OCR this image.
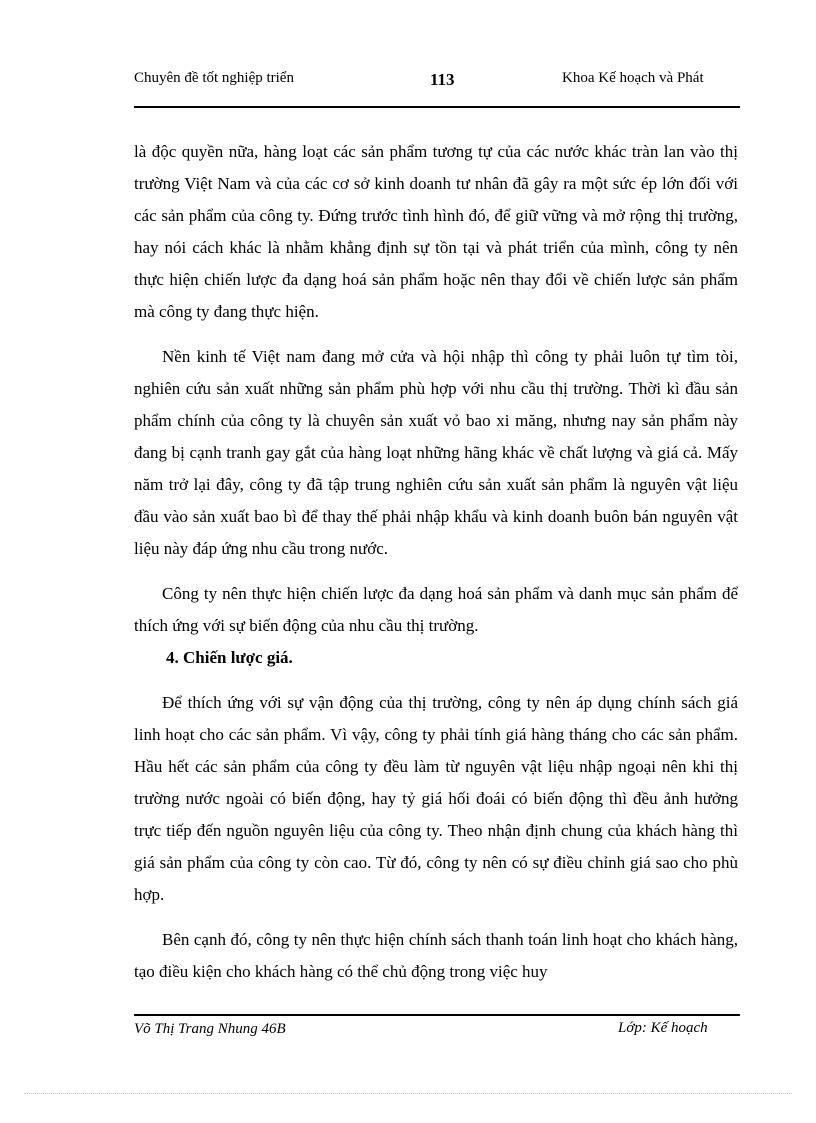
Chuyên đề tốt nghiệp triển	113	Khoa Kế hoạch và Phát

là độc quyền nữa, hàng loạt các sản phẩm tương tự của các nước khác tràn lan vào thị trường Việt Nam và của các cơ sở kinh doanh tư nhân đã gây ra một sức ép lớn đối với các sản phẩm của công ty. Đứng trước tình hình đó, để giữ vững và mở rộng thị trường, hay nói cách khác là nhằm khẳng định sự tồn tại và phát triển của mình, công ty nên thực hiện chiến lược đa dạng hoá sản phẩm hoặc nên thay đổi về chiến lược sản phẩm mà công ty đang thực hiện.

Nền kinh tế Việt nam đang mở cửa và hội nhập thì công ty phải luôn tự tìm tòi, nghiên cứu sản xuất những sản phẩm phù hợp với nhu cầu thị trường. Thời kì đầu sản phẩm chính của công ty là chuyên sản xuất vỏ bao xi măng, nhưng nay sản phẩm này đang bị cạnh tranh gay gắt của hàng loạt những hãng khác về chất lượng và giá cả. Mấy năm trở lại đây, công ty đã tập trung nghiên cứu sản xuất sản phẩm là nguyên vật liệu đầu vào sản xuất bao bì để thay thế phải nhập khẩu và kinh doanh buôn bán nguyên vật liệu này đáp ứng nhu cầu trong nước.

Công ty nên thực hiện chiến lược đa dạng hoá sản phẩm và danh mục sản phẩm để thích ứng với sự biến động của nhu cầu thị trường.

4. Chiến lược giá.

Để thích ứng với sự vận động của thị trường, công ty nên áp dụng chính sách giá linh hoạt cho các sản phẩm. Vì vậy, công ty phải tính giá hàng tháng cho các sản phẩm. Hầu hết các sản phẩm của công ty đều làm từ nguyên vật liệu nhập ngoại nên khi thị trường nước ngoài có biến động, hay tỷ giá hối đoái có biến động thì đều ảnh hưởng trực tiếp đến nguồn nguyên liệu của công ty. Theo nhận định chung của khách hàng thì giá sản phẩm của công ty còn cao. Từ đó, công ty nên có sự điều chỉnh giá sao cho phù hợp.

Bên cạnh đó, công ty nên thực hiện chính sách thanh toán linh hoạt cho khách hàng, tạo điều kiện cho khách hàng có thể chủ động trong việc huy

Võ Thị Trang Nhung 46B	Lớp: Kế hoạch
